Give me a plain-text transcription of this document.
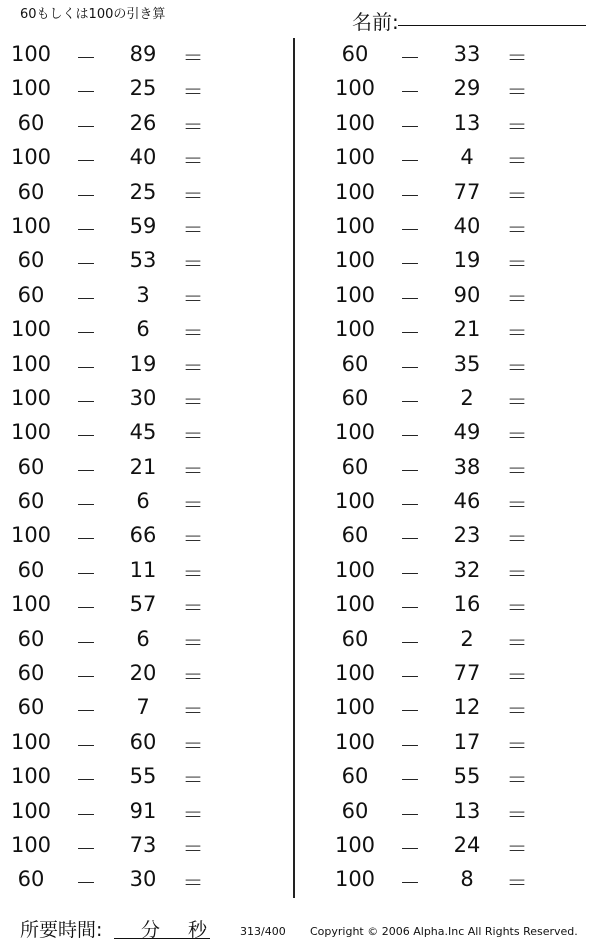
60もしくは100の引き算	名前:
100	－	89	＝
100	－	25	＝
60	－	26	＝
100	－	40	＝
60	－	25	＝
100	－	59	＝
60	－	53	＝
60	－	3	＝
100	－	6	＝
100	－	19	＝
100	－	30	＝
100	－	45	＝
60	－	21	＝
60	－	6	＝
100	－	66	＝
60	－	11	＝
100	－	57	＝
60	－	6	＝
60	－	20	＝
60	－	7	＝
100	－	60	＝
100	－	55	＝
100	－	91	＝
100	－	73	＝
60	－	30	＝
60	－	33	＝
100	－	29	＝
100	－	13	＝
100	－	4	＝
100	－	77	＝
100	－	40	＝
100	－	19	＝
100	－	90	＝
100	－	21	＝
60	－	35	＝
60	－	2	＝
100	－	49	＝
60	－	38	＝
100	－	46	＝
60	－	23	＝
100	－	32	＝
100	－	16	＝
60	－	2	＝
100	－	77	＝
100	－	12	＝
100	－	17	＝
60	－	55	＝
60	－	13	＝
100	－	24	＝
100	－	8	＝
所要時間: 分 秒	313/400 Copyright © 2006 Alpha.Inc All Rights Reserved.
